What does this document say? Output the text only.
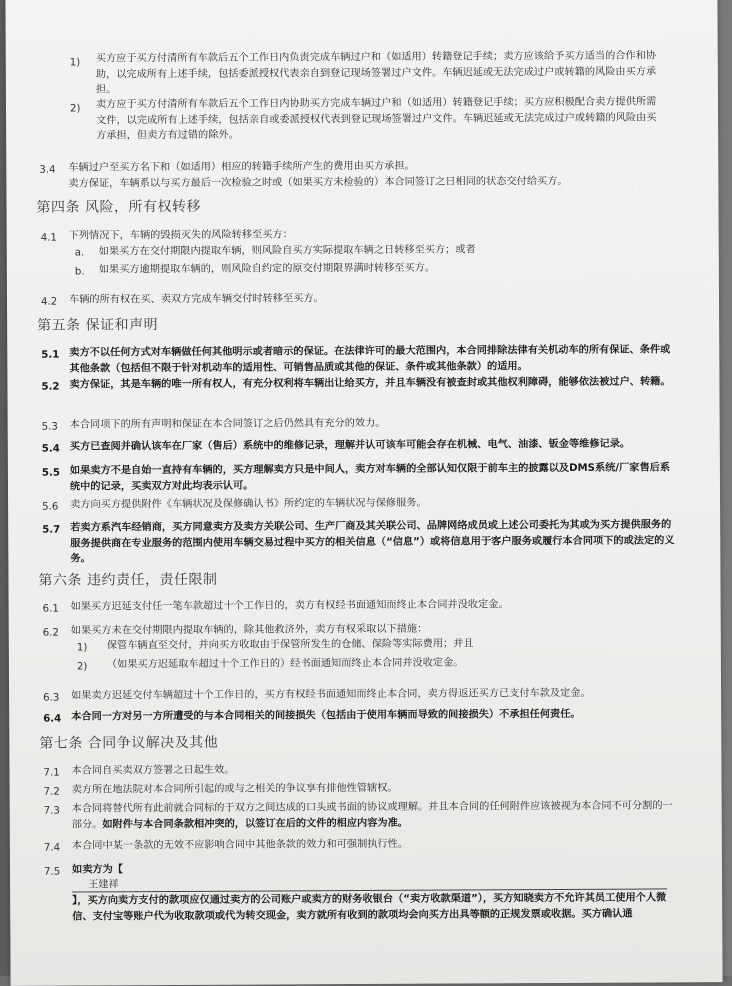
1) 买方应于买方付清所有车款后五个工作日内负责完成车辆过户和（如适用）转籍登记手续；卖方应该给予买方适当的合作和协助，以完成所有上述手续，包括委派授权代表亲自到登记现场签署过户文件。车辆迟延或无法完成过户或转籍的风险由买方承担。
2) 卖方应于买方付清所有车款后五个工作日内协助买方完成车辆过户和（如适用）转籍登记手续；买方应积极配合卖方提供所需文件，以完成所有上述手续，包括亲自或委派授权代表到登记现场签署过户文件。车辆迟延或无法完成过户或转籍的风险由买方承担，但卖方有过错的除外。
3.4 车辆过户至买方名下和（如适用）相应的转籍手续所产生的费用由买方承担。
卖方保证，车辆系以与买方最后一次检验之时或（如果买方未检验的）本合同签订之日相同的状态交付给买方。
第四条 风险，所有权转移
4.1 下列情况下，车辆的毁损灭失的风险转移至买方：
a. 如果买方在交付期限内提取车辆，则风险自买方实际提取车辆之日转移至买方；或者
b. 如果买方逾期提取车辆的，则风险自约定的原交付期限界满时转移至买方。
4.2 车辆的所有权在买、卖双方完成车辆交付时转移至买方。
第五条 保证和声明
5.1 卖方不以任何方式对车辆做任何其他明示或者暗示的保证。在法律许可的最大范围内，本合同排除法律有关机动车的所有保证、条件或其他条款（包括但不限于针对机动车的适用性、可销售品质或其他的保证、条件或其他条款）的适用。
5.2 卖方保证，其是车辆的唯一所有权人，有充分权利将车辆出让给买方，并且车辆没有被查封或其他权利障碍，能够依法被过户、转籍。
5.3 本合同项下的所有声明和保证在本合同签订之后仍然具有充分的效力。
5.4 买方已查阅并确认该车在厂家（售后）系统中的维修记录，理解并认可该车可能会存在机械、电气、油漆、钣金等维修记录。
5.5 如果卖方不是自始一直持有车辆的，买方理解卖方只是中间人，卖方对车辆的全部认知仅限于前车主的披露以及DMS系统/厂家售后系统中的记录，买卖双方对此均表示认可。
5.6 卖方向买方提供附件《车辆状况及保修确认书》所约定的车辆状况与保修服务。
5.7 若卖方系汽车经销商，买方同意卖方及卖方关联公司、生产厂商及其关联公司、品牌网络成员或上述公司委托为其或为买方提供服务的服务提供商在专业服务的范围内使用车辆交易过程中买方的相关信息（“信息”）或将信息用于客户服务或履行本合同项下的或法定的义务。
第六条 违约责任，责任限制
6.1 如果买方迟延支付任一笔车款超过十个工作日的，卖方有权经书面通知而终止本合同并没收定金。
6.2 如果买方未在交付期限内提取车辆的，除其他救济外，卖方有权采取以下措施：
1) 保管车辆直至交付，并向买方收取由于保管所发生的仓储、保险等实际费用；并且
2) （如果买方迟延取车超过十个工作日的）经书面通知而终止本合同并没收定金。
6.3 如果卖方迟延交付车辆超过十个工作日的，买方有权经书面通知而终止本合同，卖方得返还买方已支付车款及定金。
6.4 本合同一方对另一方所遭受的与本合同相关的间接损失（包括由于使用车辆而导致的间接损失）不承担任何责任。
第七条 合同争议解决及其他
7.1 本合同自买卖双方签署之日起生效。
7.2 卖方所在地法院对本合同所引起的或与之相关的争议享有排他性管辖权。
7.3 本合同将替代所有此前就合同标的于双方之间达成的口头或书面的协议或理解。并且本合同的任何附件应该被视为本合同不可分割的一部分。如附件与本合同条款相冲突的，以签订在后的文件的相应内容为准。
7.4 本合同中某一条款的无效不应影响合同中其他条款的效力和可强制执行性。
7.5 如卖方为【
王建祥
】，买方向卖方支付的款项应仅通过卖方的公司账户或卖方的财务收银台（“卖方收款渠道”），买方知晓卖方不允许其员工使用个人微信、支付宝等账户代为收取款项或代为转交现金，卖方就所有收到的款项均会向买方出具等额的正规发票或收据。买方确认通
